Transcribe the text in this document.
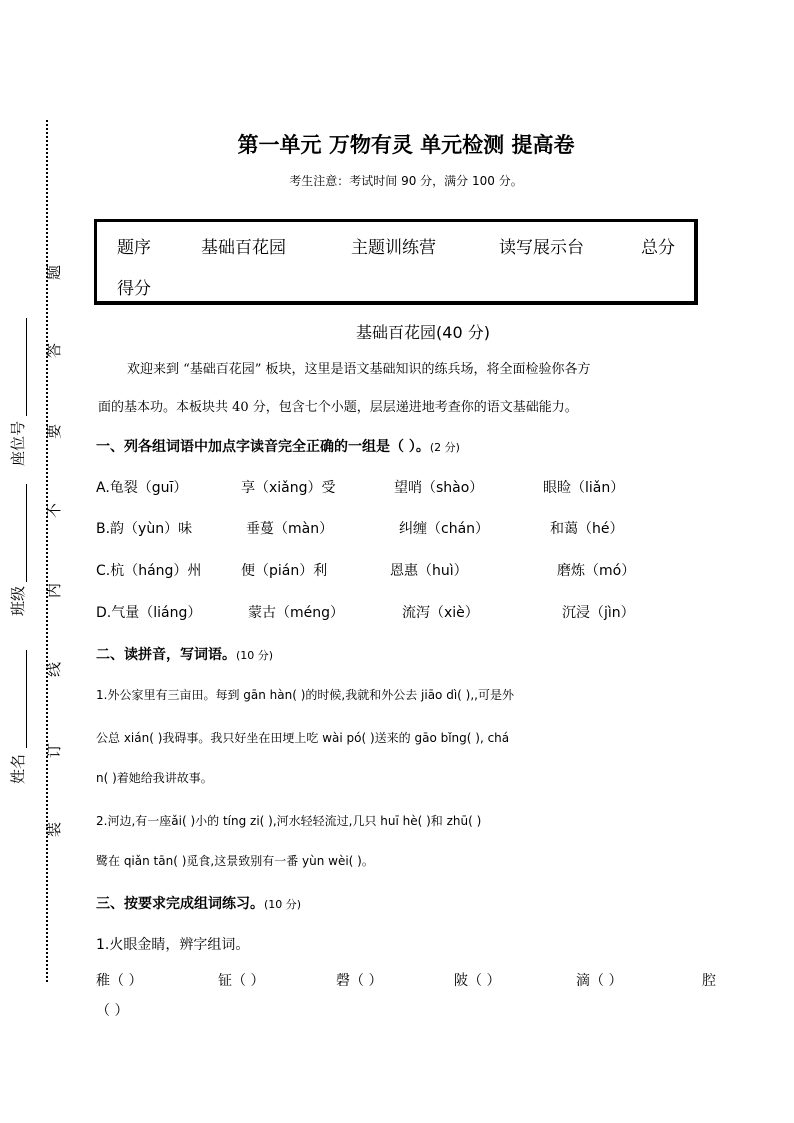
题
答
要
不
内
线
订
装
座位号
班级
姓名
第一单元 万物有灵 单元检测 提高卷
考生注意：考试时间 90 分，满分 100 分。
题序	基础百花园	主题训练营	读写展示台	总分
得分
基础百花园(40 分)
欢迎来到 “基础百花园” 板块，这里是语文基础知识的练兵场，将全面检验你各方
面的基本功。本板块共 40 分，包含七个小题，层层递进地考查你的语文基础能力。
一、列各组词语中加点字读音完全正确的一组是（ ）。(2 分)
A.龟裂（guī）	享（xiǎng）受	望哨（shào）	眼睑（liǎn）
B.韵（yùn）味	垂蔓（màn）	纠缠（chán）	和蔼（hé）
C.杭（háng）州	便（pián）利	恩惠（huì）	磨炼（mó）
D.气量（liáng）	蒙古（méng）	流泻（xiè）	沉浸（jìn）
二、读拼音，写词语。(10 分)
1.外公家里有三亩田。每到 gān hàn( )的时候,我就和外公去 jiāo dì( ),,可是外
公总 xián( )我碍事。我只好坐在田埂上吃 wài pó( )送来的 gāo bǐng( ), chá
n( )着她给我讲故事。
2.河边,有一座ǎi( )小的 tíng zi( ),河水轻轻流过,几只 huī hè( )和 zhū( )
鹭在 qiǎn tān( )觅食,这景致别有一番 yùn wèi( )。
三、按要求完成组词练习。(10 分)
1.火眼金睛，辨字组词。
稚（ ）	钲（ ）	磬（ ）	陂（ ）	滴（ ）	腔
（ ）
